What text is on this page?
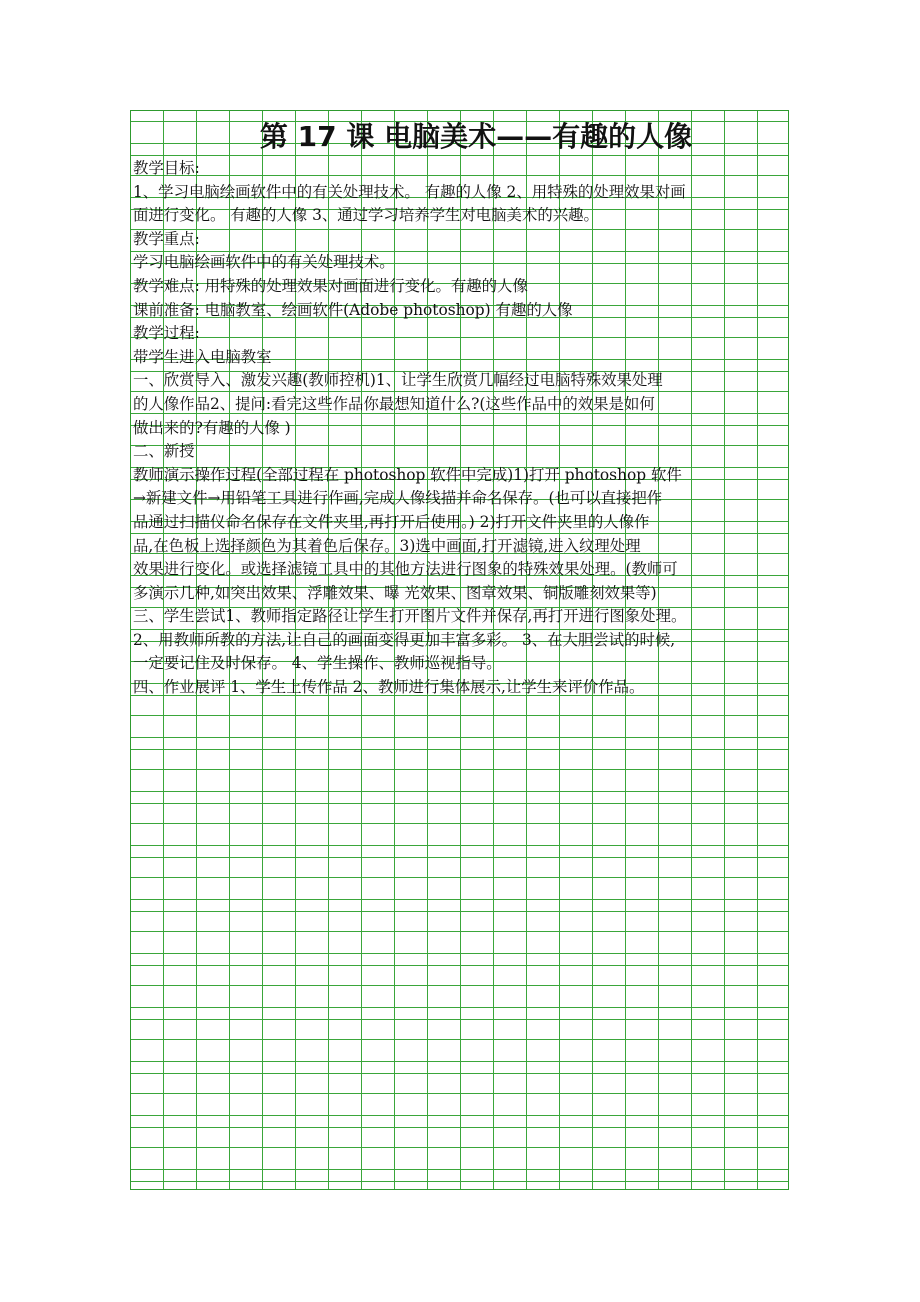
第 17 课 电脑美术——有趣的人像

教学目标:

1、学习电脑绘画软件中的有关处理技术。 有趣的人像 2、用特殊的处理效果对画
面进行变化。 有趣的人像 3、通过学习培养学生对电脑美术的兴趣。

教学重点:

学习电脑绘画软件中的有关处理技术。

教学难点: 用特殊的处理效果对画面进行变化。有趣的人像

课前准备: 电脑教室、绘画软件(Adobe photoshop) 有趣的人像

教学过程:

带学生进入电脑教室

一、欣赏导入、激发兴趣(教师控机)1、让学生欣赏几幅经过电脑特殊效果处理
的人像作品2、提问:看完这些作品你最想知道什么?(这些作品中的效果是如何
做出来的?有趣的人像 )

二、新授

教师演示操作过程(全部过程在 photoshop 软件中完成)1)打开 photoshop 软件
→新建文件→用铅笔工具进行作画,完成人像线描并命名保存。(也可以直接把作
品通过扫描仪命名保存在文件夹里,再打开后使用。) 2)打开文件夹里的人像作
品,在色板上选择颜色为其着色后保存。3)选中画面,打开滤镜,进入纹理处理
效果进行变化。或选择滤镜工具中的其他方法进行图象的特殊效果处理。(教师可
多演示几种,如突出效果、浮雕效果、曝 光效果、图章效果、铜版雕刻效果等)
三、学生尝试1、教师指定路径让学生打开图片文件并保存,再打开进行图象处理。
2、用教师所教的方法,让自己的画面变得更加丰富多彩。 3、在大胆尝试的时候,
一定要记住及时保存。 4、学生操作、教师巡视指导。

四、作业展评 1、学生上传作品 2、教师进行集体展示,让学生来评价作品。
